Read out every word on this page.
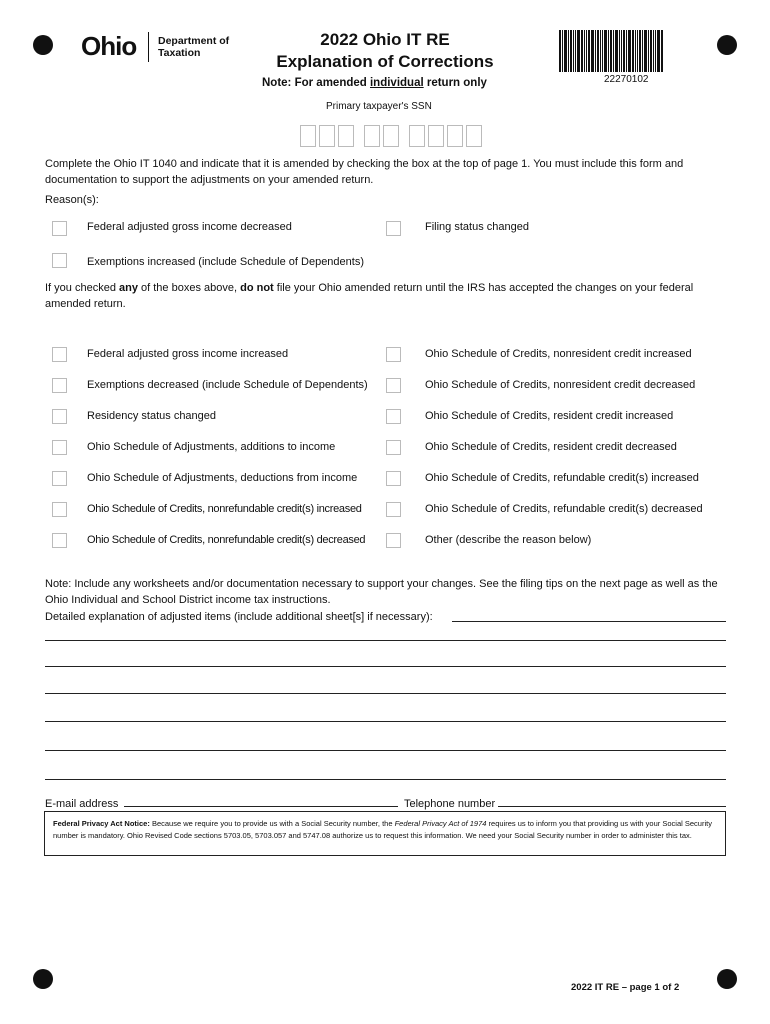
Ohio Department of
Taxation
2022 Ohio IT RE
Explanation of Corrections
Note: For amended individual return only	22270102
Primary taxpayer's SSN
Complete the Ohio IT 1040 and indicate that it is amended by checking the box at the top of page 1. You must include this form and documentation to support the adjustments on your amended return.
Reason(s):
Federal adjusted gross income decreased	Filing status changed
Exemptions increased (include Schedule of Dependents)
If you checked any of the boxes above, do not file your Ohio amended return until the IRS has accepted the changes on your federal amended return.
Federal adjusted gross income increased	Ohio Schedule of Credits, nonresident credit increased
Exemptions decreased (include Schedule of Dependents)	Ohio Schedule of Credits, nonresident credit decreased
Residency status changed	Ohio Schedule of Credits, resident credit increased
Ohio Schedule of Adjustments, additions to income	Ohio Schedule of Credits, resident credit decreased
Ohio Schedule of Adjustments, deductions from income	Ohio Schedule of Credits, refundable credit(s) increased
Ohio Schedule of Credits, nonrefundable credit(s) increased	Ohio Schedule of Credits, refundable credit(s) decreased
Ohio Schedule of Credits, nonrefundable credit(s) decreased	Other (describe the reason below)
Note: Include any worksheets and/or documentation necessary to support your changes. See the filing tips on the next page as well as the Ohio Individual and School District income tax instructions.
Detailed explanation of adjusted items (include additional sheet[s] if necessary):
E-mail address	Telephone number
Federal Privacy Act Notice: Because we require you to provide us with a Social Security number, the Federal Privacy Act of 1974 requires us to inform you that providing us with your Social Security number is mandatory. Ohio Revised Code sections 5703.05, 5703.057 and 5747.08 authorize us to request this information. We need your Social Security number in order to administer this tax.
2022 IT RE – page 1 of 2
